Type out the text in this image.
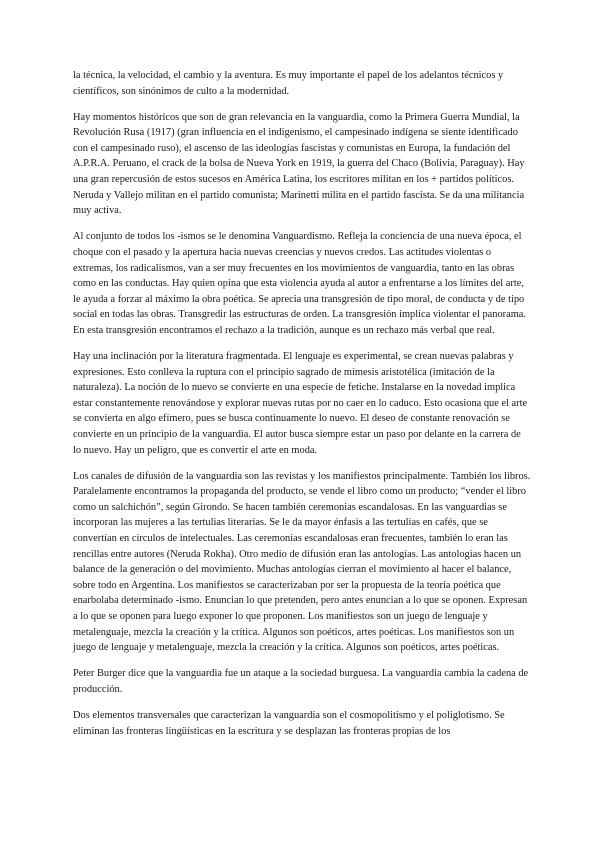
la técnica, la velocidad, el cambio y la aventura. Es muy importante el papel de los adelantos técnicos y científicos, son sinónimos de culto a la modernidad.

Hay momentos históricos que son de gran relevancia en la vanguardia, como la Primera Guerra Mundial, la Revolución Rusa (1917) (gran influencia en el indigenismo, el campesinado indígena se siente identificado con el campesinado ruso), el ascenso de las ideologías fascistas y comunistas en Europa, la fundación del A.P.R.A. Peruano, el crack de la bolsa de Nueva York en 1919, la guerra del Chaco (Bolivia, Paraguay). Hay una gran repercusión de estos sucesos en América Latina, los escritores militan en los + partidos políticos. Neruda y Vallejo militan en el partido comunista; Marinetti milita en el partido fascista. Se da una militancia muy activa.

Al conjunto de todos los -ismos se le denomina Vanguardismo. Refleja la conciencia de una nueva época, el choque con el pasado y la apertura hacia nuevas creencias y nuevos credos. Las actitudes violentas o extremas, los radicalismos, van a ser muy frecuentes en los movimientos de vanguardia, tanto en las obras como en las conductas. Hay quien opina que esta violencia ayuda al autor a enfrentarse a los límites del arte, le ayuda a forzar al máximo la obra poética. Se aprecia una transgresión de tipo moral, de conducta y de tipo social en todas las obras. Transgredir las estructuras de orden. La transgresión implica violentar el panorama. En esta transgresión encontramos el rechazo a la tradición, aunque es un rechazo más verbal que real.

Hay una inclinación por la literatura fragmentada. El lenguaje es experimental, se crean nuevas palabras y expresiones. Esto conlleva la ruptura con el principio sagrado de mímesis aristotélica (imitación de la naturaleza). La noción de lo nuevo se convierte en una especie de fetiche. Instalarse en la novedad implica estar constantemente renovándose y explorar nuevas rutas por no caer en lo caduco. Esto ocasiona que el arte se convierta en algo efímero, pues se busca continuamente lo nuevo. El deseo de constante renovación se convierte en un principio de la vanguardia. El autor busca siempre estar un paso por delante en la carrera de lo nuevo. Hay un peligro, que es convertir el arte en moda.

Los canales de difusión de la vanguardia son las revistas y los manifiestos principalmente. También los libros. Paralelamente encontramos la propaganda del producto, se vende el libro como un producto; “vender el libro como un salchichón”, según Girondo. Se hacen también ceremonias escandalosas. En las vanguardias se incorporan las mujeres a las tertulias literarias. Se le da mayor énfasis a las tertulias en cafés, que se convertían en círculos de intelectuales. Las ceremonias escandalosas eran frecuentes, también lo eran las rencillas entre autores (Neruda Rokha). Otro medio de difusión eran las antologías. Las antologías hacen un balance de la generación o del movimiento. Muchas antologías cierran el movimiento al hacer el balance, sobre todo en Argentina. Los manifiestos se caracterizaban por ser la propuesta de la teoría poética que enarbolaba determinado -ismo. Enuncian lo que pretenden, pero antes enuncian a lo que se oponen. Expresan a lo que se oponen para luego exponer lo que proponen. Los manifiestos son un juego de lenguaje y metalenguaje, mezcla la creación y la crítica. Algunos son poéticos, artes poéticas. Los manifiestos son un juego de lenguaje y metalenguaje, mezcla la creación y la crítica. Algunos son poéticos, artes poéticas.

Peter Burger dice que la vanguardia fue un ataque a la sociedad burguesa. La vanguardia cambia la cadena de producción.

Dos elementos transversales que caracterizan la vanguardia son el cosmopolitismo y el poliglotismo. Se eliminan las fronteras lingüísticas en la escritura y se desplazan las fronteras propias de los
